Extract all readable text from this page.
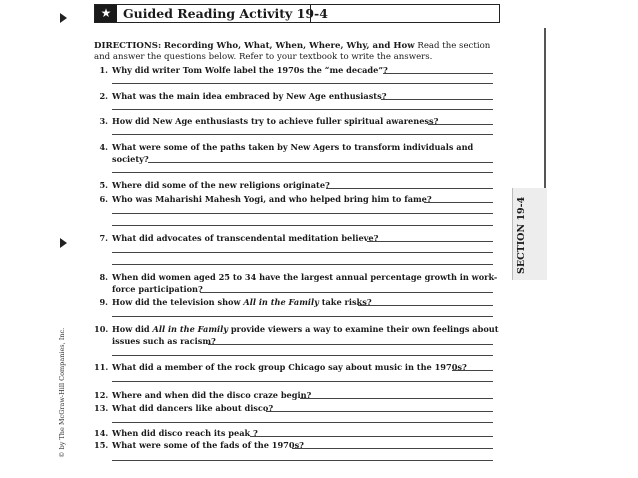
★ Guided Reading Activity 19-4
DIRECTIONS: Recording Who, What, When, Where, Why, and How Read the section and answer the questions below. Refer to your textbook to write the answers.
1. Why did writer Tom Wolfe label the 1970s the “me decade”?
2. What was the main idea embraced by New Age enthusiasts?
3. How did New Age enthusiasts try to achieve fuller spiritual awareness?
4. What were some of the paths taken by New Agers to transform individuals and
society?
5. Where did some of the new religions originate?
6. Who was Maharishi Mahesh Yogi, and who helped bring him to fame?
7. What did advocates of transcendental meditation believe?
8. When did women aged 25 to 34 have the largest annual percentage growth in work-
force participation?
9. How did the television show All in the Family take risks?
10. How did All in the Family provide viewers a way to examine their own feelings about
issues such as racism?
11. What did a member of the rock group Chicago say about music in the 1970s?
12. Where and when did the disco craze begin?
13. What did dancers like about disco?
14. When did disco reach its peak ?
15. What were some of the fads of the 1970s?
SECTION 19-4
© by The McGraw-Hill Companies, Inc.
